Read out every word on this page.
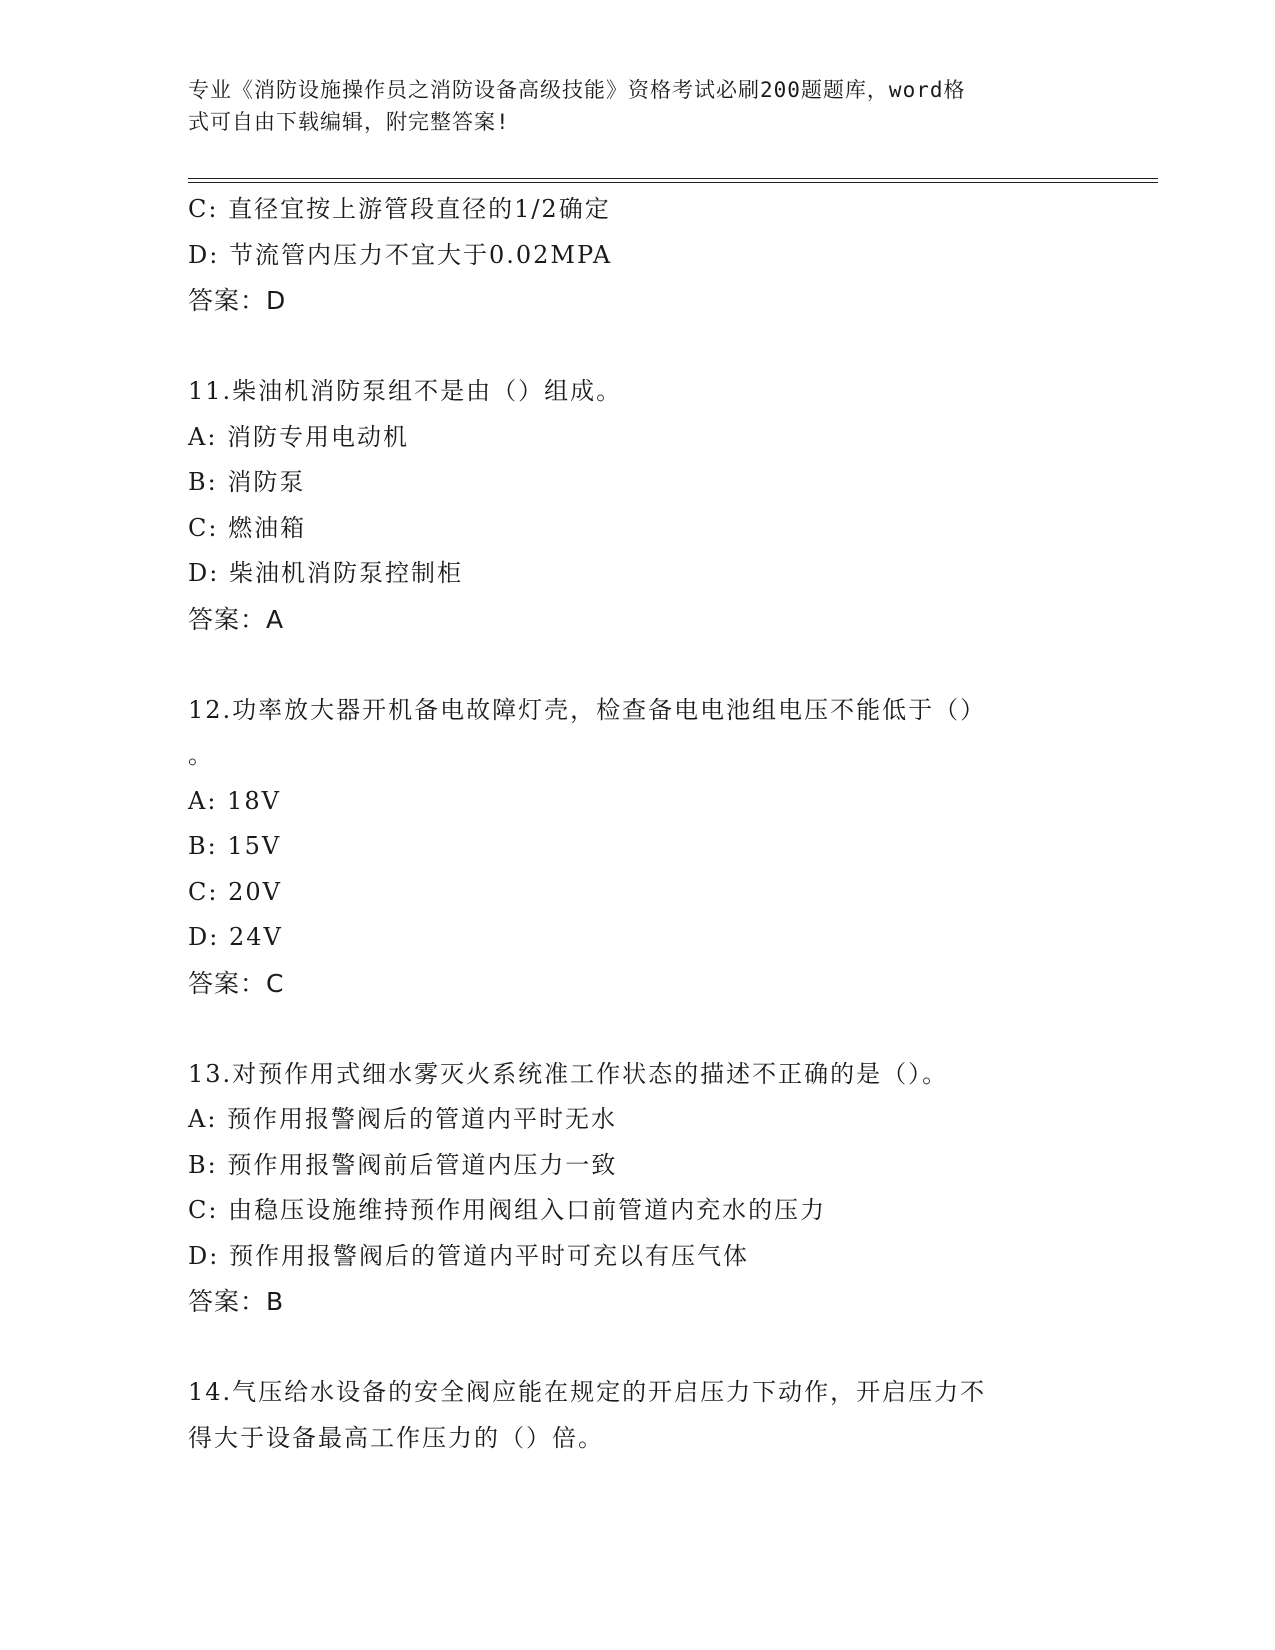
专业《消防设施操作员之消防设备高级技能》资格考试必刷200题题库，word格
式可自由下载编辑，附完整答案!
C: 直径宜按上游管段直径的1/2确定
D: 节流管内压力不宜大于0.02MPA
答案：D
11.柴油机消防泵组不是由（）组成。
A: 消防专用电动机
B: 消防泵
C: 燃油箱
D: 柴油机消防泵控制柜
答案：A
12.功率放大器开机备电故障灯壳，检查备电电池组电压不能低于（）
。
A: 18V
B: 15V
C: 20V
D: 24V
答案：C
13.对预作用式细水雾灭火系统准工作状态的描述不正确的是（）。
A: 预作用报警阀后的管道内平时无水
B: 预作用报警阀前后管道内压力一致
C: 由稳压设施维持预作用阀组入口前管道内充水的压力
D: 预作用报警阀后的管道内平时可充以有压气体
答案：B
14.气压给水设备的安全阀应能在规定的开启压力下动作，开启压力不
得大于设备最高工作压力的（）倍。
